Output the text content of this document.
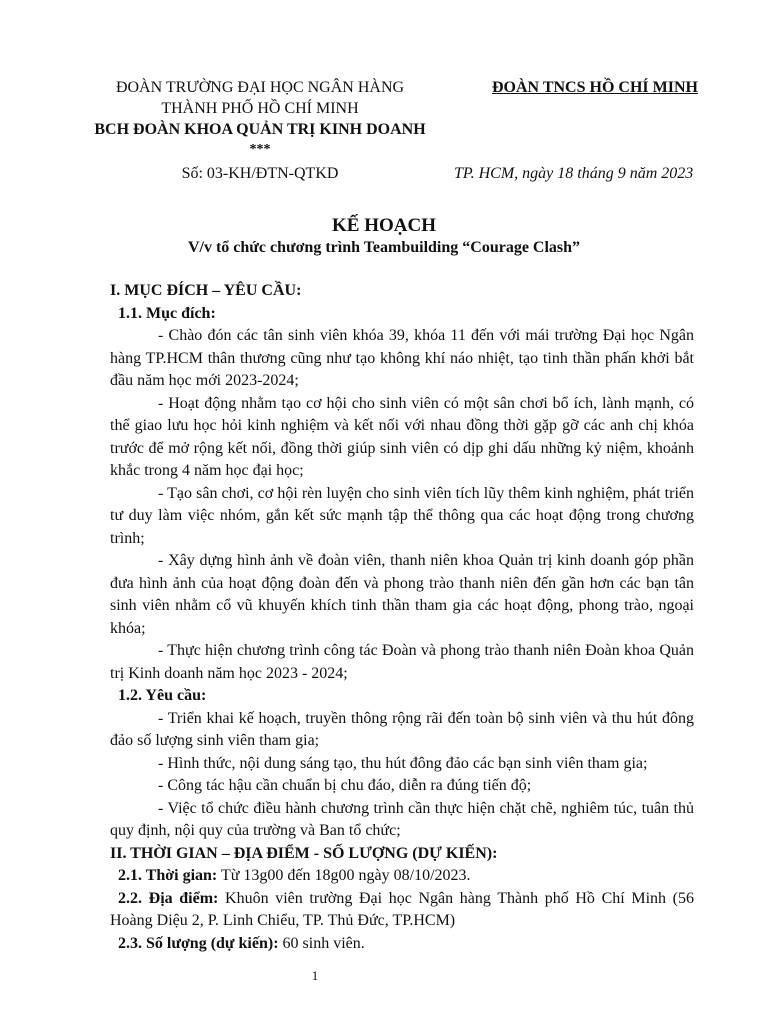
ĐOÀN TRƯỜNG ĐẠI HỌC NGÂN HÀNG
THÀNH PHỐ HỒ CHÍ MINH
BCH ĐOÀN KHOA QUẢN TRỊ KINH DOANH
***
ĐOÀN TNCS HỒ CHÍ MINH
Số: 03-KH/ĐTN-QTKD	TP. HCM, ngày 18 tháng 9 năm 2023
KẾ HOẠCH
V/v tổ chức chương trình Teambuilding “Courage Clash”

I. MỤC ĐÍCH – YÊU CẦU:

1.1. Mục đích:

- Chào đón các tân sinh viên khóa 39, khóa 11 đến với mái trường Đại học Ngân hàng TP.HCM thân thương cũng như tạo không khí náo nhiệt, tạo tinh thần phấn khởi bắt đầu năm học mới 2023-2024;

- Hoạt động nhằm tạo cơ hội cho sinh viên có một sân chơi bổ ích, lành mạnh, có thể giao lưu học hỏi kinh nghiệm và kết nối với nhau đồng thời gặp gỡ các anh chị khóa trước để mở rộng kết nối, đồng thời giúp sinh viên có dịp ghi dấu những kỷ niệm, khoảnh khắc trong 4 năm học đại học;

- Tạo sân chơi, cơ hội rèn luyện cho sinh viên tích lũy thêm kinh nghiệm, phát triển tư duy làm việc nhóm, gắn kết sức mạnh tập thể thông qua các hoạt động trong chương trình;

- Xây dựng hình ảnh về đoàn viên, thanh niên khoa Quản trị kinh doanh góp phần đưa hình ảnh của hoạt động đoàn đến và phong trào thanh niên đến gần hơn các bạn tân sinh viên nhằm cổ vũ khuyến khích tinh thần tham gia các hoạt động, phong trào, ngoại khóa;

- Thực hiện chương trình công tác Đoàn và phong trào thanh niên Đoàn khoa Quản trị Kinh doanh năm học 2023 - 2024;

1.2. Yêu cầu:

- Triển khai kế hoạch, truyền thông rộng rãi đến toàn bộ sinh viên và thu hút đông đảo số lượng sinh viên tham gia;

- Hình thức, nội dung sáng tạo, thu hút đông đảo các bạn sinh viên tham gia;

- Công tác hậu cần chuẩn bị chu đáo, diễn ra đúng tiến độ;

- Việc tổ chức điều hành chương trình cần thực hiện chặt chẽ, nghiêm túc, tuân thủ quy định, nội quy của trường và Ban tổ chức;

II. THỜI GIAN – ĐỊA ĐIỂM - SỐ LƯỢNG (DỰ KIẾN):

2.1. Thời gian: Từ 13g00 đến 18g00 ngày 08/10/2023.

2.2. Địa điểm: Khuôn viên trường Đại học Ngân hàng Thành phố Hồ Chí Minh (56 Hoàng Diệu 2, P. Linh Chiểu, TP. Thủ Đức, TP.HCM)

2.3. Số lượng (dự kiến): 60 sinh viên.

1
